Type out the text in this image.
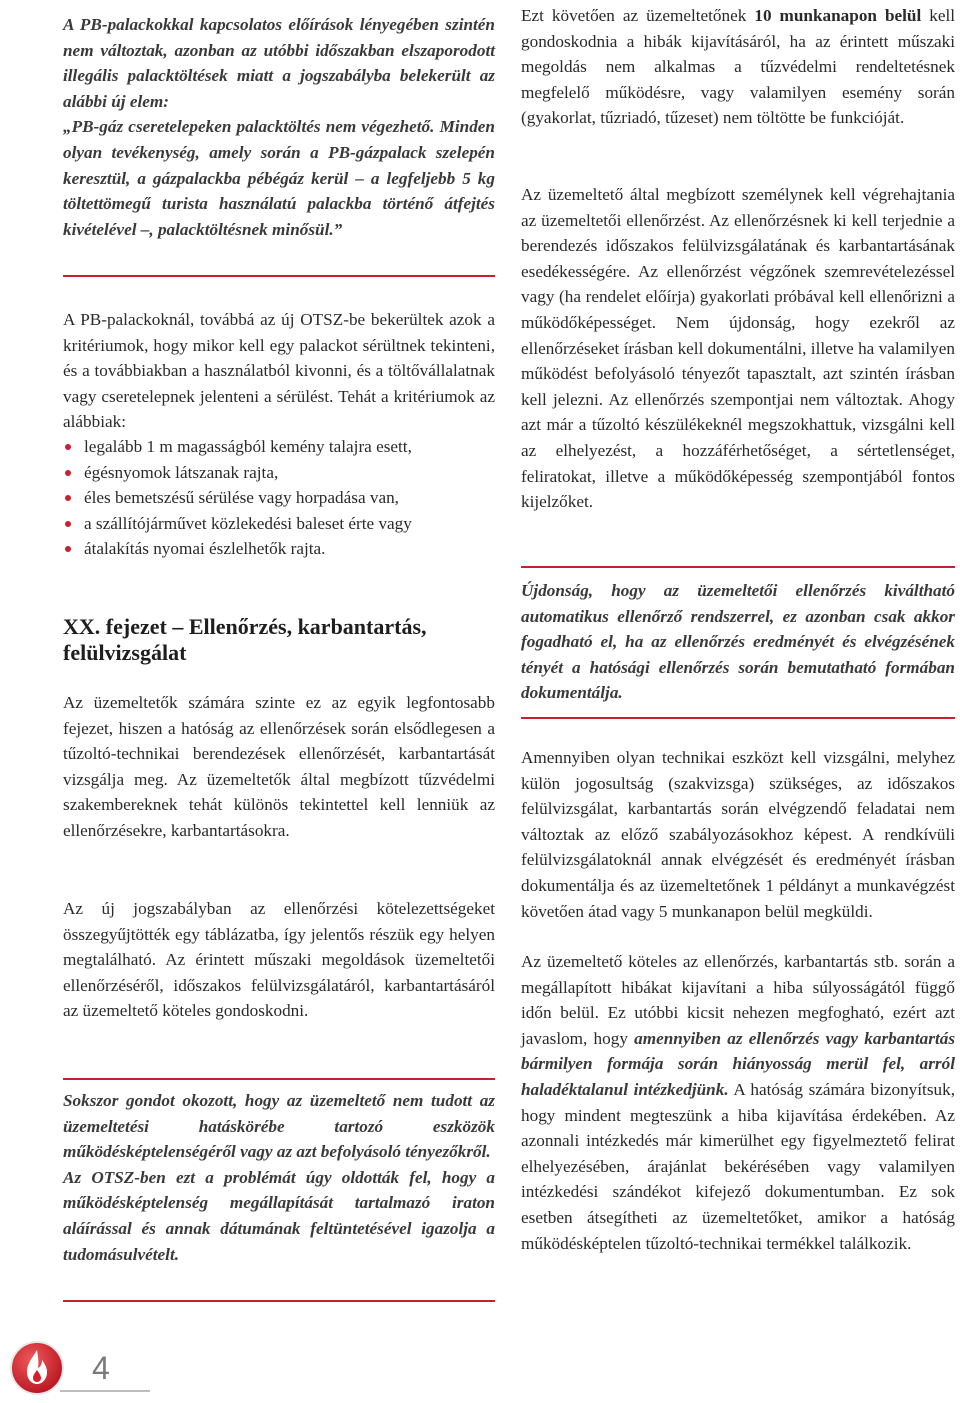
A PB-palackokkal kapcsolatos előírások lényegében szintén nem változtak, azonban az utóbbi időszakban elszaporodott illegális palacktöltések miatt a jogszabályba belekerült az alábbi új elem:

„PB-gáz cseretelepeken palacktöltés nem végezhető. Minden olyan tevékenység, amely során a PB-gázpalack szelepén keresztül, a gázpalackba pébégáz kerül – a legfeljebb 5 kg töltettömegű turista használatú palackba történő átfejtés kivételével –, palacktöltésnek minősül.”

A PB-palackoknál, továbbá az új OTSZ-be bekerültek azok a kritériumok, hogy mikor kell egy palackot sérültnek tekinteni, és a továbbiakban a használatból kivonni, és a töltővállalatnak vagy cseretelepnek jelenteni a sérülést. Tehát a kritériumok az alábbiak:

legalább 1 m magasságból kemény talajra esett,
égésnyomok látszanak rajta,
éles bemetszésű sérülése vagy horpadása van,
a szállítójárművet közlekedési baleset érte vagy
átalakítás nyomai észlelhetők rajta.
XX. fejezet – Ellenőrzés, karbantartás, felülvizsgálat

Az üzemeltetők számára szinte ez az egyik legfontosabb fejezet, hiszen a hatóság az ellenőrzések során elsődlegesen a tűzoltó-technikai berendezések ellenőrzését, karbantartását vizsgálja meg. Az üzemeltetők által megbízott tűzvédelmi szakembereknek tehát különös tekintettel kell lenniük az ellenőrzésekre, karbantartásokra.

Az új jogszabályban az ellenőrzési kötelezettségeket összegyűjtötték egy táblázatba, így jelentős részük egy helyen megtalálható. Az érintett műszaki megoldások üzemeltetői ellenőrzéséről, időszakos felülvizsgálatáról, karbantartásáról az üzemeltető köteles gondoskodni.

Sokszor gondot okozott, hogy az üzemeltető nem tudott az üzemeltetési hatáskörébe tartozó eszközök működésképtelenségéről vagy az azt befolyásoló tényezőkről.

Az OTSZ-ben ezt a problémát úgy oldották fel, hogy a működésképtelenség megállapítását tartalmazó iraton aláírással és annak dátumának feltüntetésével igazolja a tudomásulvételt.

Ezt követően az üzemeltetőnek 10 munkanapon belül kell gondoskodnia a hibák kijavításáról, ha az érintett műszaki megoldás nem alkalmas a tűzvédelmi rendeltetésnek megfelelő működésre, vagy valamilyen esemény során (gyakorlat, tűzriadó, tűzeset) nem töltötte be funkcióját.

Az üzemeltető által megbízott személynek kell végrehajtania az üzemeltetői ellenőrzést. Az ellenőrzésnek ki kell terjednie a berendezés időszakos felülvizsgálatának és karbantartásának esedékességére. Az ellenőrzést végzőnek szemrevételezéssel vagy (ha rendelet előírja) gyakorlati próbával kell ellenőrizni a működőképességet. Nem újdonság, hogy ezekről az ellenőrzéseket írásban kell dokumentálni, illetve ha valamilyen működést befolyásoló tényezőt tapasztalt, azt szintén írásban kell jelezni. Az ellenőrzés szempontjai nem változtak. Ahogy azt már a tűzoltó készülékeknél megszokhattuk, vizsgálni kell az elhelyezést, a hozzáférhetőséget, a sértetlenséget, feliratokat, illetve a működőképesség szempontjából fontos kijelzőket.

Újdonság, hogy az üzemeltetői ellenőrzés kiváltható automatikus ellenőrző rendszerrel, ez azonban csak akkor fogadható el, ha az ellenőrzés eredményét és elvégzésének tényét a hatósági ellenőrzés során bemutatható formában dokumentálja.

Amennyiben olyan technikai eszközt kell vizsgálni, melyhez külön jogosultság (szakvizsga) szükséges, az időszakos felülvizsgálat, karbantartás során elvégzendő feladatai nem változtak az előző szabályozásokhoz képest. A rendkívüli felülvizsgálatoknál annak elvégzését és eredményét írásban dokumentálja és az üzemeltetőnek 1 példányt a munkavégzést követően átad vagy 5 munkanapon belül megküldi.

Az üzemeltető köteles az ellenőrzés, karbantartás stb. során a megállapított hibákat kijavítani a hiba súlyosságától függő időn belül. Ez utóbbi kicsit nehezen megfogható, ezért azt javaslom, hogy amennyiben az ellenőrzés vagy karbantartás bármilyen formája során hiányosság merül fel, arról haladéktalanul intézkedjünk. A hatóság számára bizonyítsuk, hogy mindent megteszünk a hiba kijavítása érdekében. Az azonnali intézkedés már kimerülhet egy figyelmeztető felirat elhelyezésében, árajánlat bekérésében vagy valamilyen intézkedési szándékot kifejező dokumentumban. Ez sok esetben átsegítheti az üzemeltetőket, amikor a hatóság működésképtelen tűzoltó-technikai termékkel találkozik.

4
